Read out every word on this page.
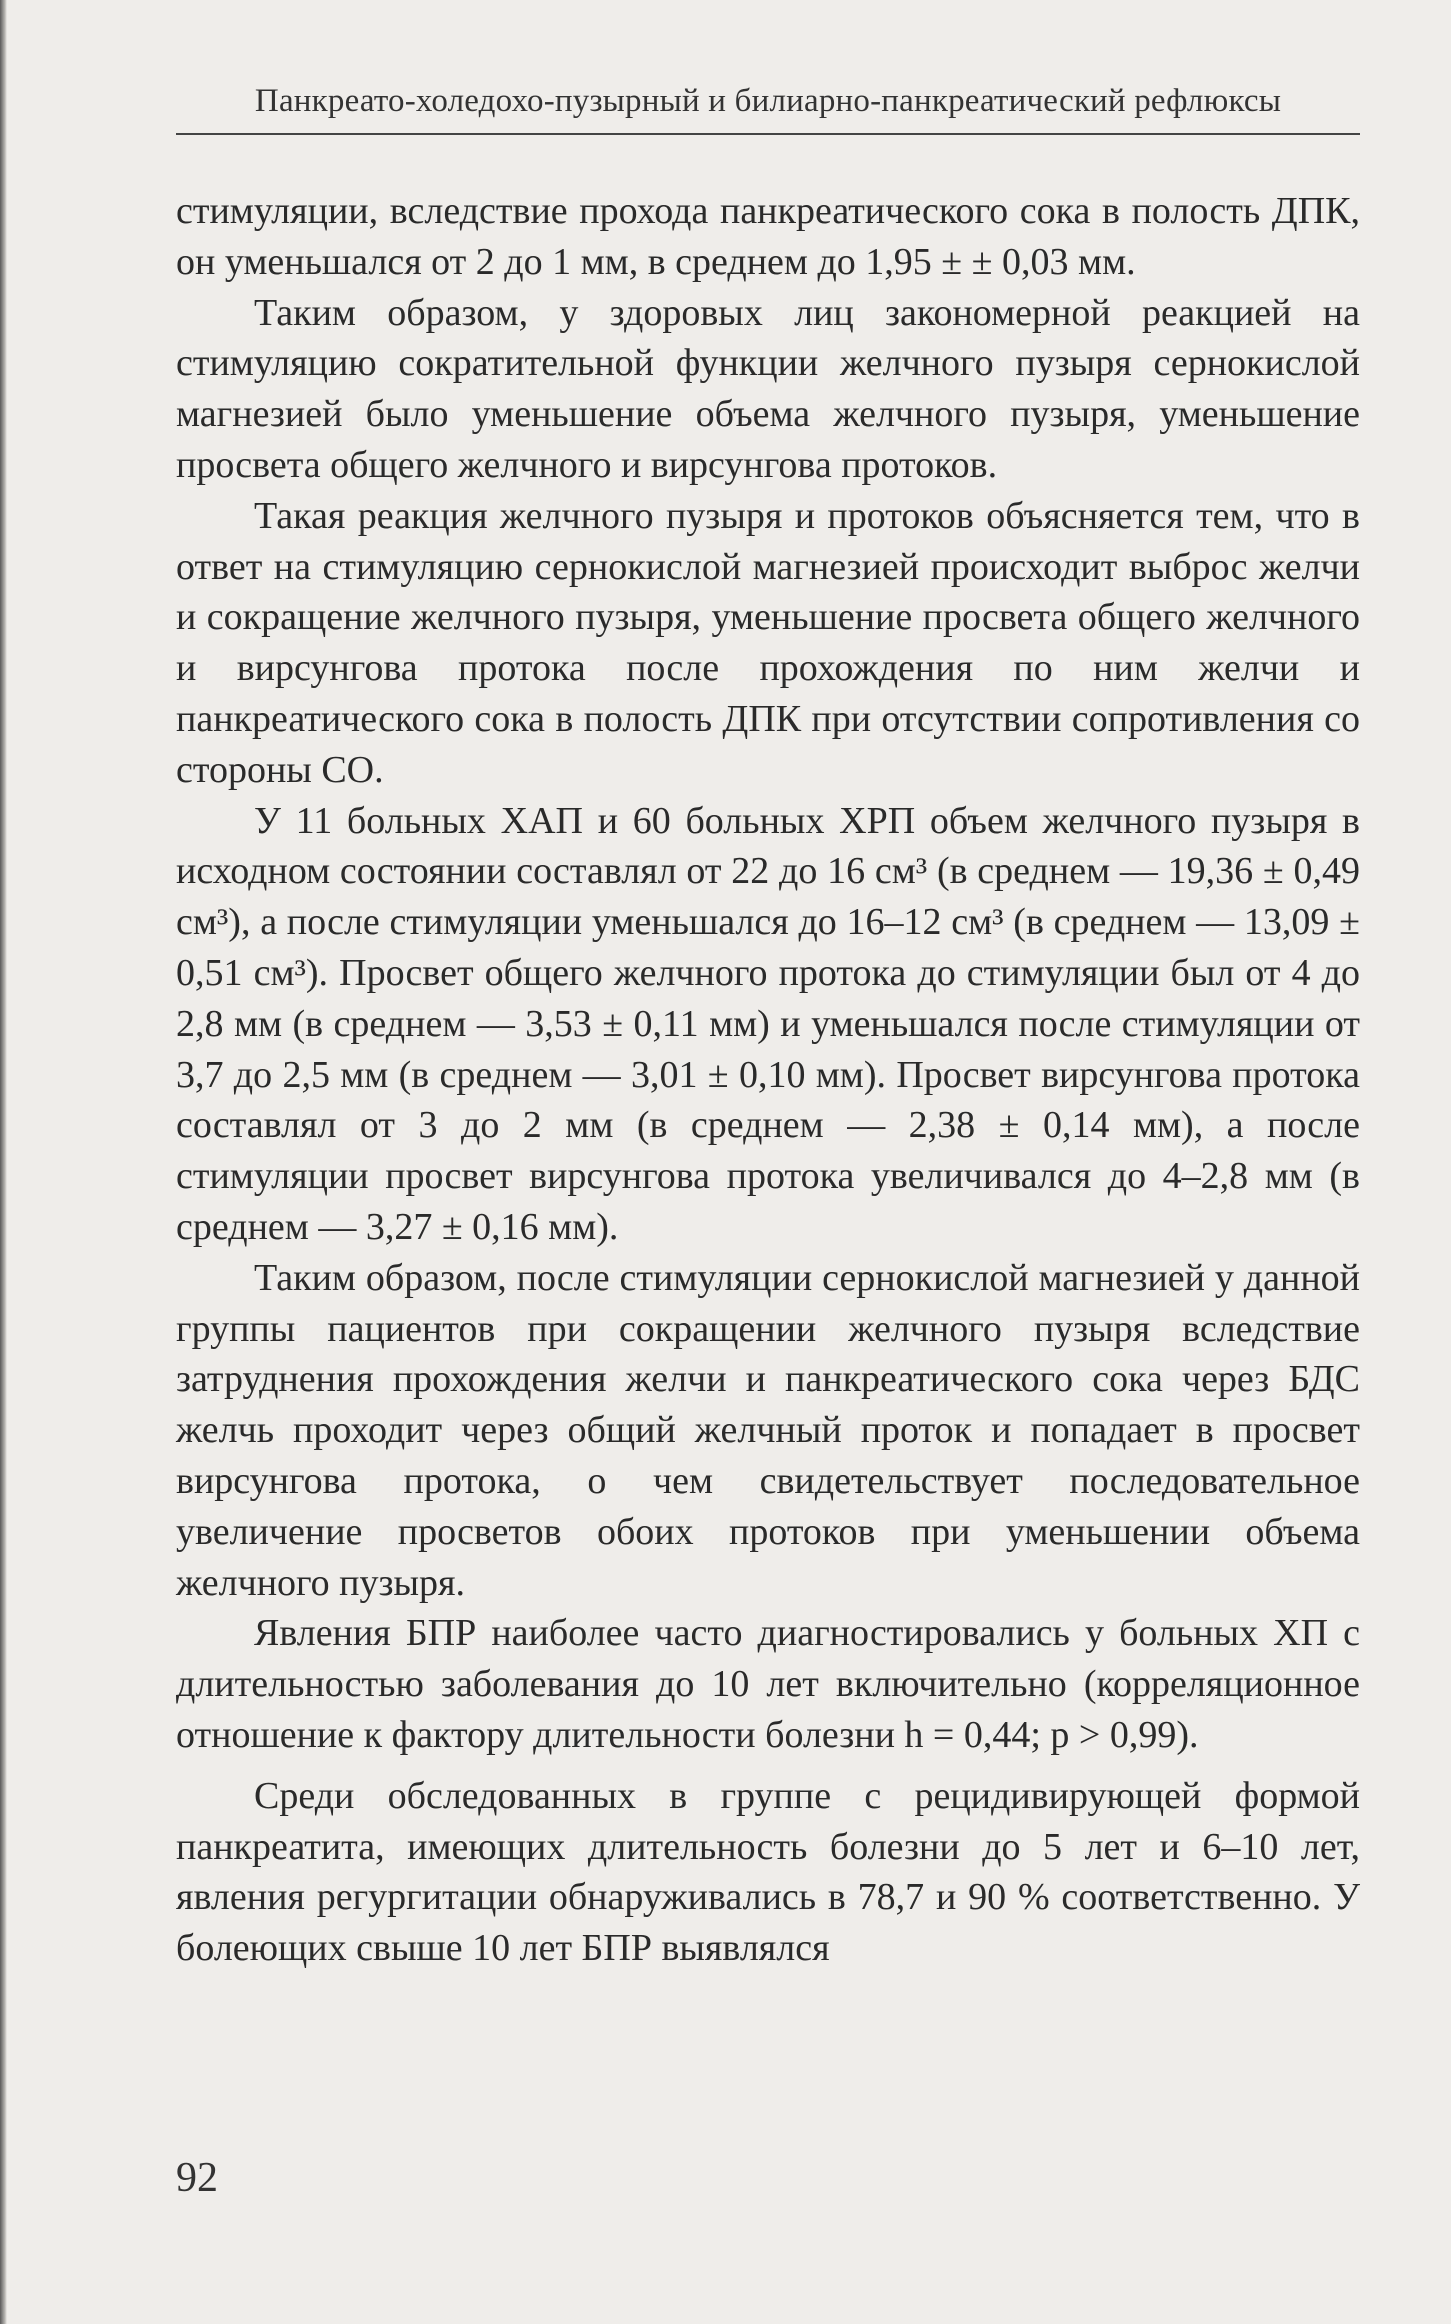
Панкреато-холедохо-пузырный и билиарно-панкреатический рефлюксы

стимуляции, вследствие прохода панкреатического сока в полость ДПК, он уменьшался от 2 до 1 мм, в среднем до 1,95 ± ± 0,03 мм.

Таким образом, у здоровых лиц закономерной реакцией на стимуляцию сократительной функции желчного пузыря сернокислой магнезией было уменьшение объема желчного пузыря, уменьшение просвета общего желчного и вирсунгова протоков.

Такая реакция желчного пузыря и протоков объясняется тем, что в ответ на стимуляцию сернокислой магнезией происходит выброс желчи и сокращение желчного пузыря, уменьшение просвета общего желчного и вирсунгова протока после прохождения по ним желчи и панкреатического сока в полость ДПК при отсутствии сопротивления со стороны СО.

У 11 больных ХАП и 60 больных ХРП объем желчного пузыря в исходном состоянии составлял от 22 до 16 см³ (в среднем — 19,36 ± 0,49 см³), а после стимуляции уменьшался до 16–12 см³ (в среднем — 13,09 ± 0,51 см³). Просвет общего желчного протока до стимуляции был от 4 до 2,8 мм (в среднем — 3,53 ± 0,11 мм) и уменьшался после стимуляции от 3,7 до 2,5 мм (в среднем — 3,01 ± 0,10 мм). Просвет вирсунгова протока составлял от 3 до 2 мм (в среднем — 2,38 ± 0,14 мм), а после стимуляции просвет вирсунгова протока увеличивался до 4–2,8 мм (в среднем — 3,27 ± 0,16 мм).

Таким образом, после стимуляции сернокислой магнезией у данной группы пациентов при сокращении желчного пузыря вследствие затруднения прохождения желчи и панкреатического сока через БДС желчь проходит через общий желчный проток и попадает в просвет вирсунгова протока, о чем свидетельствует последовательное увеличение просветов обоих протоков при уменьшении объема желчного пузыря.

Явления БПР наиболее часто диагностировались у больных ХП с длительностью заболевания до 10 лет включительно (корреляционное отношение к фактору длительности болезни h = 0,44; p > 0,99).

Среди обследованных в группе с рецидивирующей формой панкреатита, имеющих длительность болезни до 5 лет и 6–10 лет, явления регургитации обнаруживались в 78,7 и 90 % соответственно. У болеющих свыше 10 лет БПР выявлялся

92
